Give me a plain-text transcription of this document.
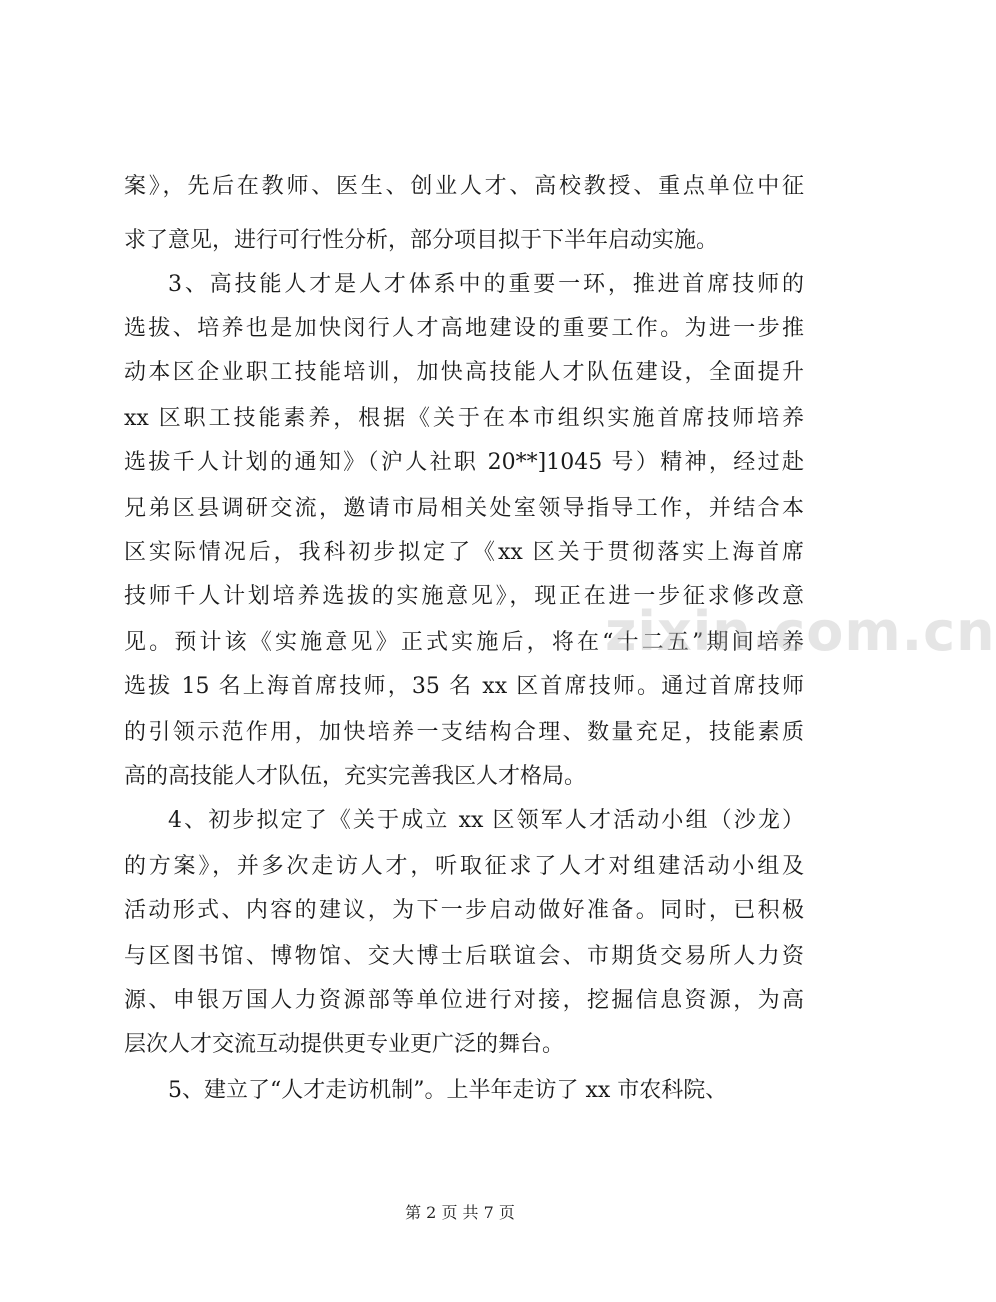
案》，先后在教师、医生、创业人才、高校教授、重点单位中征
求了意见，进行可行性分析，部分项目拟于下半年启动实施。
3、高技能人才是人才体系中的重要一环，推进首席技师的
选拔、培养也是加快闵行人才高地建设的重要工作。为进一步推
动本区企业职工技能培训，加快高技能人才队伍建设，全面提升
xx 区职工技能素养，根据《关于在本市组织实施首席技师培养
选拔千人计划的通知》（沪人社职 20**]1045 号）精神，经过赴
兄弟区县调研交流，邀请市局相关处室领导指导工作，并结合本
区实际情况后，我科初步拟定了《xx 区关于贯彻落实上海首席
技师千人计划培养选拔的实施意见》，现正在进一步征求修改意
见。预计该《实施意见》正式实施后，将在“十二五”期间培养
选拔 15 名上海首席技师，35 名 xx 区首席技师。通过首席技师
的引领示范作用，加快培养一支结构合理、数量充足，技能素质
高的高技能人才队伍，充实完善我区人才格局。
4、初步拟定了《关于成立 xx 区领军人才活动小组（沙龙）
的方案》，并多次走访人才，听取征求了人才对组建活动小组及
活动形式、内容的建议，为下一步启动做好准备。同时，已积极
与区图书馆、博物馆、交大博士后联谊会、市期货交易所人力资
源、申银万国人力资源部等单位进行对接，挖掘信息资源，为高
层次人才交流互动提供更专业更广泛的舞台。
5、建立了“人才走访机制”。上半年走访了 xx 市农科院、
zixin.com.cn
第 2 页 共 7 页
